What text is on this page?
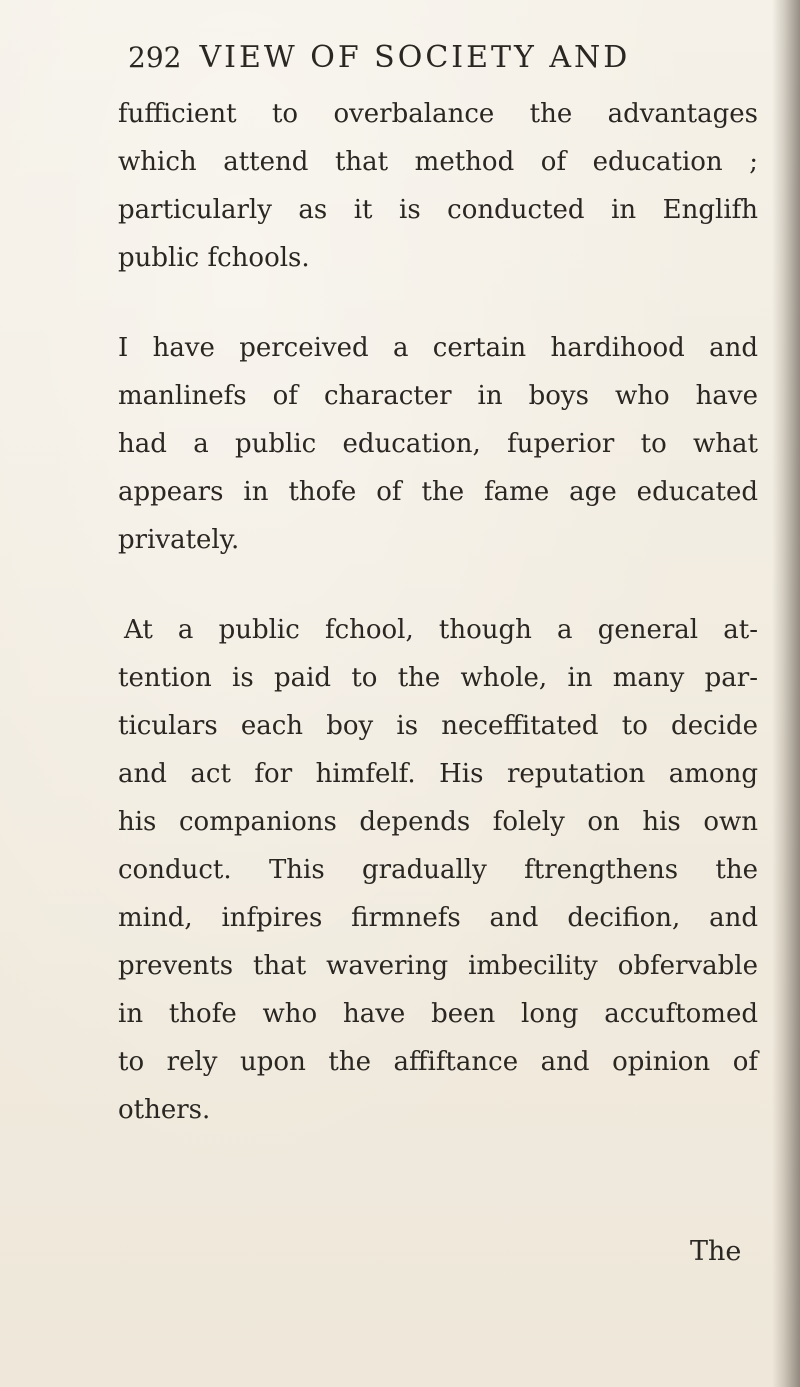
292 VIEW OF SOCIETY AND
fufficient to overbalance the advantages
which attend that method of education ;
particularly as it is conducted in Englifh
public fchools.
I have perceived a certain hardihood and
manlinefs of character in boys who have
had a public education, fuperior to what
appears in thofe of the fame age educated
privately.
At a public fchool, though a general at-
tention is paid to the whole, in many par-
ticulars each boy is neceffitated to decide
and act for himfelf. His reputation among
his companions depends folely on his own
conduct. This gradually ftrengthens the
mind, infpires firmnefs and decifion, and
prevents that wavering imbecility obfervable
in thofe who have been long accuftomed
to rely upon the affiftance and opinion of
others.
The
